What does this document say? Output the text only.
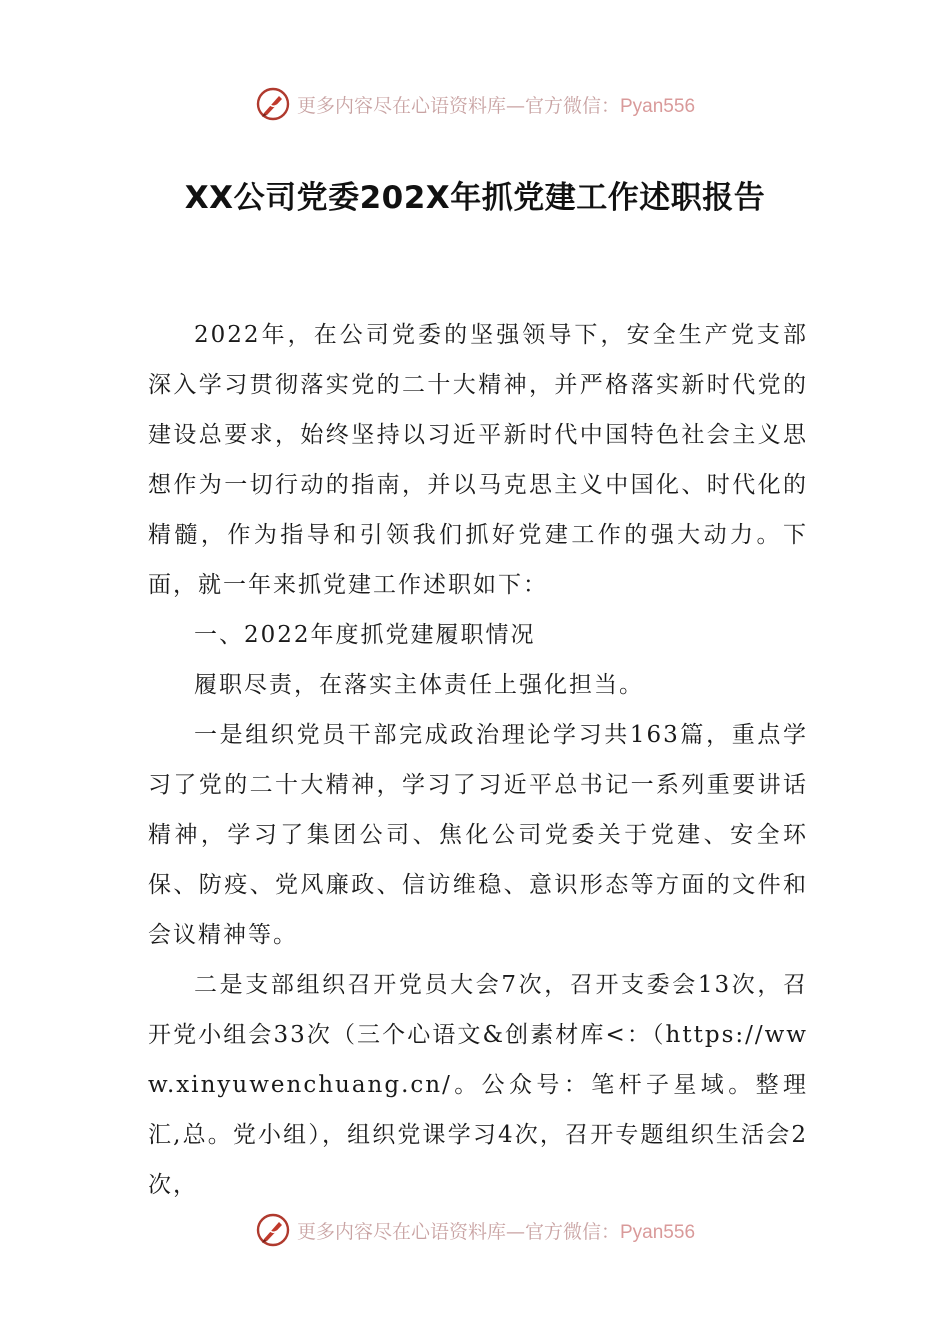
更多内容尽在心语资料库—官方微信：Pyan556
XX公司党委202X年抓党建工作述职报告

2022年，在公司党委的坚强领导下，安全生产党支部深入学习贯彻落实党的二十大精神，并严格落实新时代党的建设总要求，始终坚持以习近平新时代中国特色社会主义思想作为一切行动的指南，并以马克思主义中国化、时代化的精髓，作为指导和引领我们抓好党建工作的强大动力。下面，就一年来抓党建工作述职如下：

一、2022年度抓党建履职情况

履职尽责，在落实主体责任上强化担当。

一是组织党员干部完成政治理论学习共163篇，重点学习了党的二十大精神，学习了习近平总书记一系列重要讲话精神，学习了集团公司、焦化公司党委关于党建、安全环保、防疫、党风廉政、信访维稳、意识形态等方面的文件和会议精神等。

二是支部组织召开党员大会7次，召开支委会13次，召开党小组会33次（三个心语文&创素材库<：（https://www.xinyuwenchuang.cn/。公众号：笔杆子星域。整理汇,总。党小组），组织党课学习4次，召开专题组织生活会2次，

更多内容尽在心语资料库—官方微信：Pyan556
